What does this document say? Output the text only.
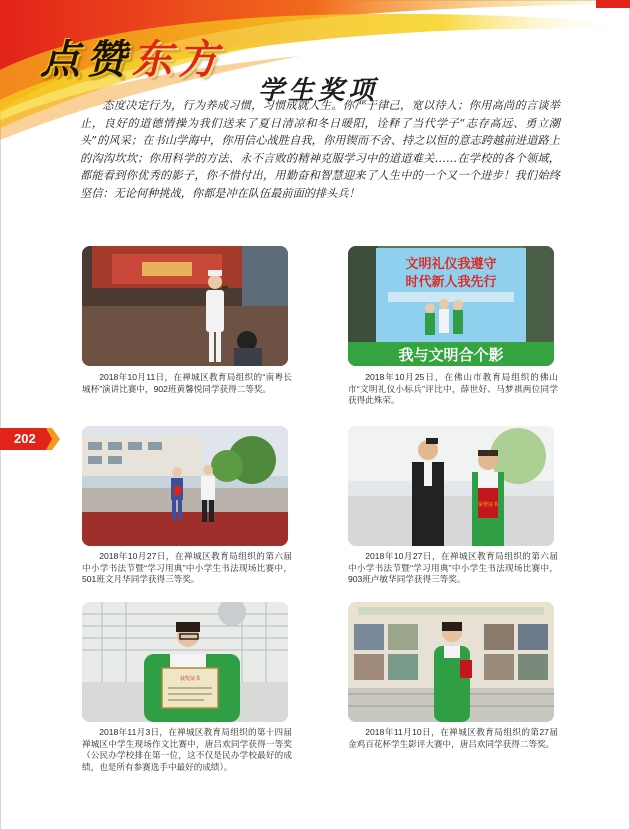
点赞东方
学生奖项
态度决定行为，行为养成习惯，习惯成就人生。你严于律己，宽以待人；你用高尚的言谈举止，良好的道德情操为我们送来了夏日清凉和冬日暖阳，诠释了当代学子“志存高远、勇立潮头”的风采；在书山学海中，你用信心战胜自我，你用锲而不舍、持之以恒的意志跨越前进道路上的沟沟坎坎；你用科学的方法、永不言败的精神克服学习中的道道难关……在学校的各个领域，都能看到你优秀的影子，你不惜付出，用勤奋和智慧迎来了人生中的一个又一个进步！我们始终坚信：无论何种挑战，你都是冲在队伍最前面的排头兵！
202
2018年10月11日，在禅城区教育局组织的“南粤长城杯”演讲比赛中，902班黄馨悦同学获得二等奖。
文明礼仪我遵守
时代新人我先行
我与文明合个影
2018年10月25日，在佛山市教育局组织的佛山市“文明礼仪小标兵”评比中，薛世好、马梦祺两位同学获得此殊荣。
2018年10月27日，在禅城区教育局组织的第六届中小学书法节暨“学习用典”中小学生书法现场比赛中，501班文月华同学获得三等奖。
荣誉证书
2018年10月27日，在禅城区教育局组织的第六届中小学书法节暨“学习用典”中小学生书法现场比赛中，903班卢敏华同学获得三等奖。
获奖证书
2018年11月3日，在禅城区教育局组织的第十四届禅城区中学生现场作文比赛中，唐吕欢同学获得一等奖（公民办学校排在第一位，这不仅是民办学校最好的成绩，也是所有参赛选手中最好的成绩）。
2018年11月10日，在禅城区教育局组织的第27届金鸡百花杯学生影评大赛中，唐吕欢同学获得二等奖。
